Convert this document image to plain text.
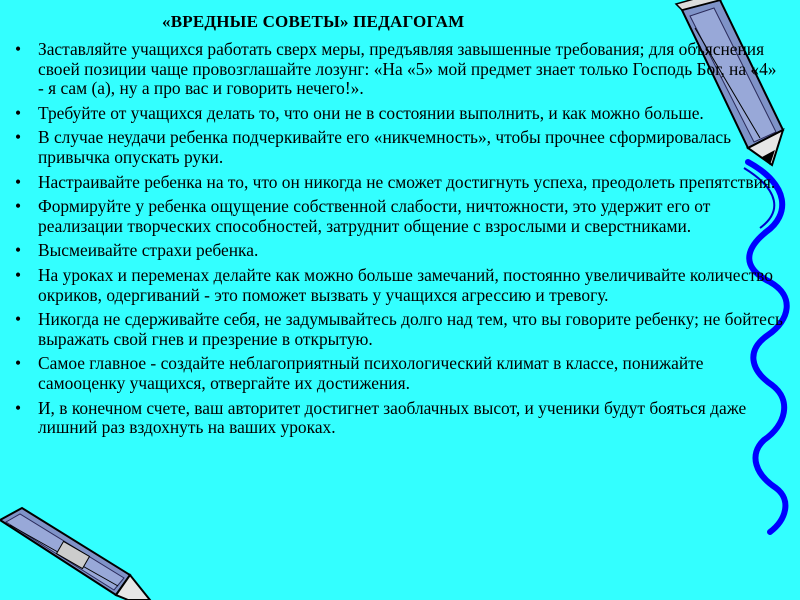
«ВРЕДНЫЕ СОВЕТЫ» ПЕДАГОГАМ
• Заставляйте учащихся работать сверх меры, предъявляя завышенные требования; для объяснения своей позиции чаще провозглашайте лозунг: «На «5» мой предмет знает только Господь Бог, на «4» - я сам (а), ну а про вас и говорить нечего!».
• Требуйте от учащихся делать то, что они не в состоянии выполнить, и как можно больше.
• В случае неудачи ребенка подчеркивайте его «никчемность», чтобы прочнее сформировалась привычка опускать руки.
• Настраивайте ребенка на то, что он никогда не сможет достигнуть успеха, преодолеть препятствия.
• Формируйте у ребенка ощущение собственной слабости, ничтожности, это удержит его от реализации творческих способностей, затруднит общение с взрослыми и сверстниками.
• Высмеивайте страхи ребенка.
• На уроках и переменах делайте как можно больше замечаний, постоянно увеличивайте количество окриков, одергиваний - это поможет вызвать у учащихся агрессию и тревогу.
• Никогда не сдерживайте себя, не задумывайтесь долго над тем, что вы говорите ребенку; не бойтесь выражать свой гнев и презрение в открытую.
• Самое главное - создайте неблагоприятный психологический климат в классе, понижайте самооценку учащихся, отвергайте их достижения.
• И, в конечном счете, ваш авторитет достигнет заоблачных высот, и ученики будут бояться даже лишний раз вздохнуть на ваших уроках.
